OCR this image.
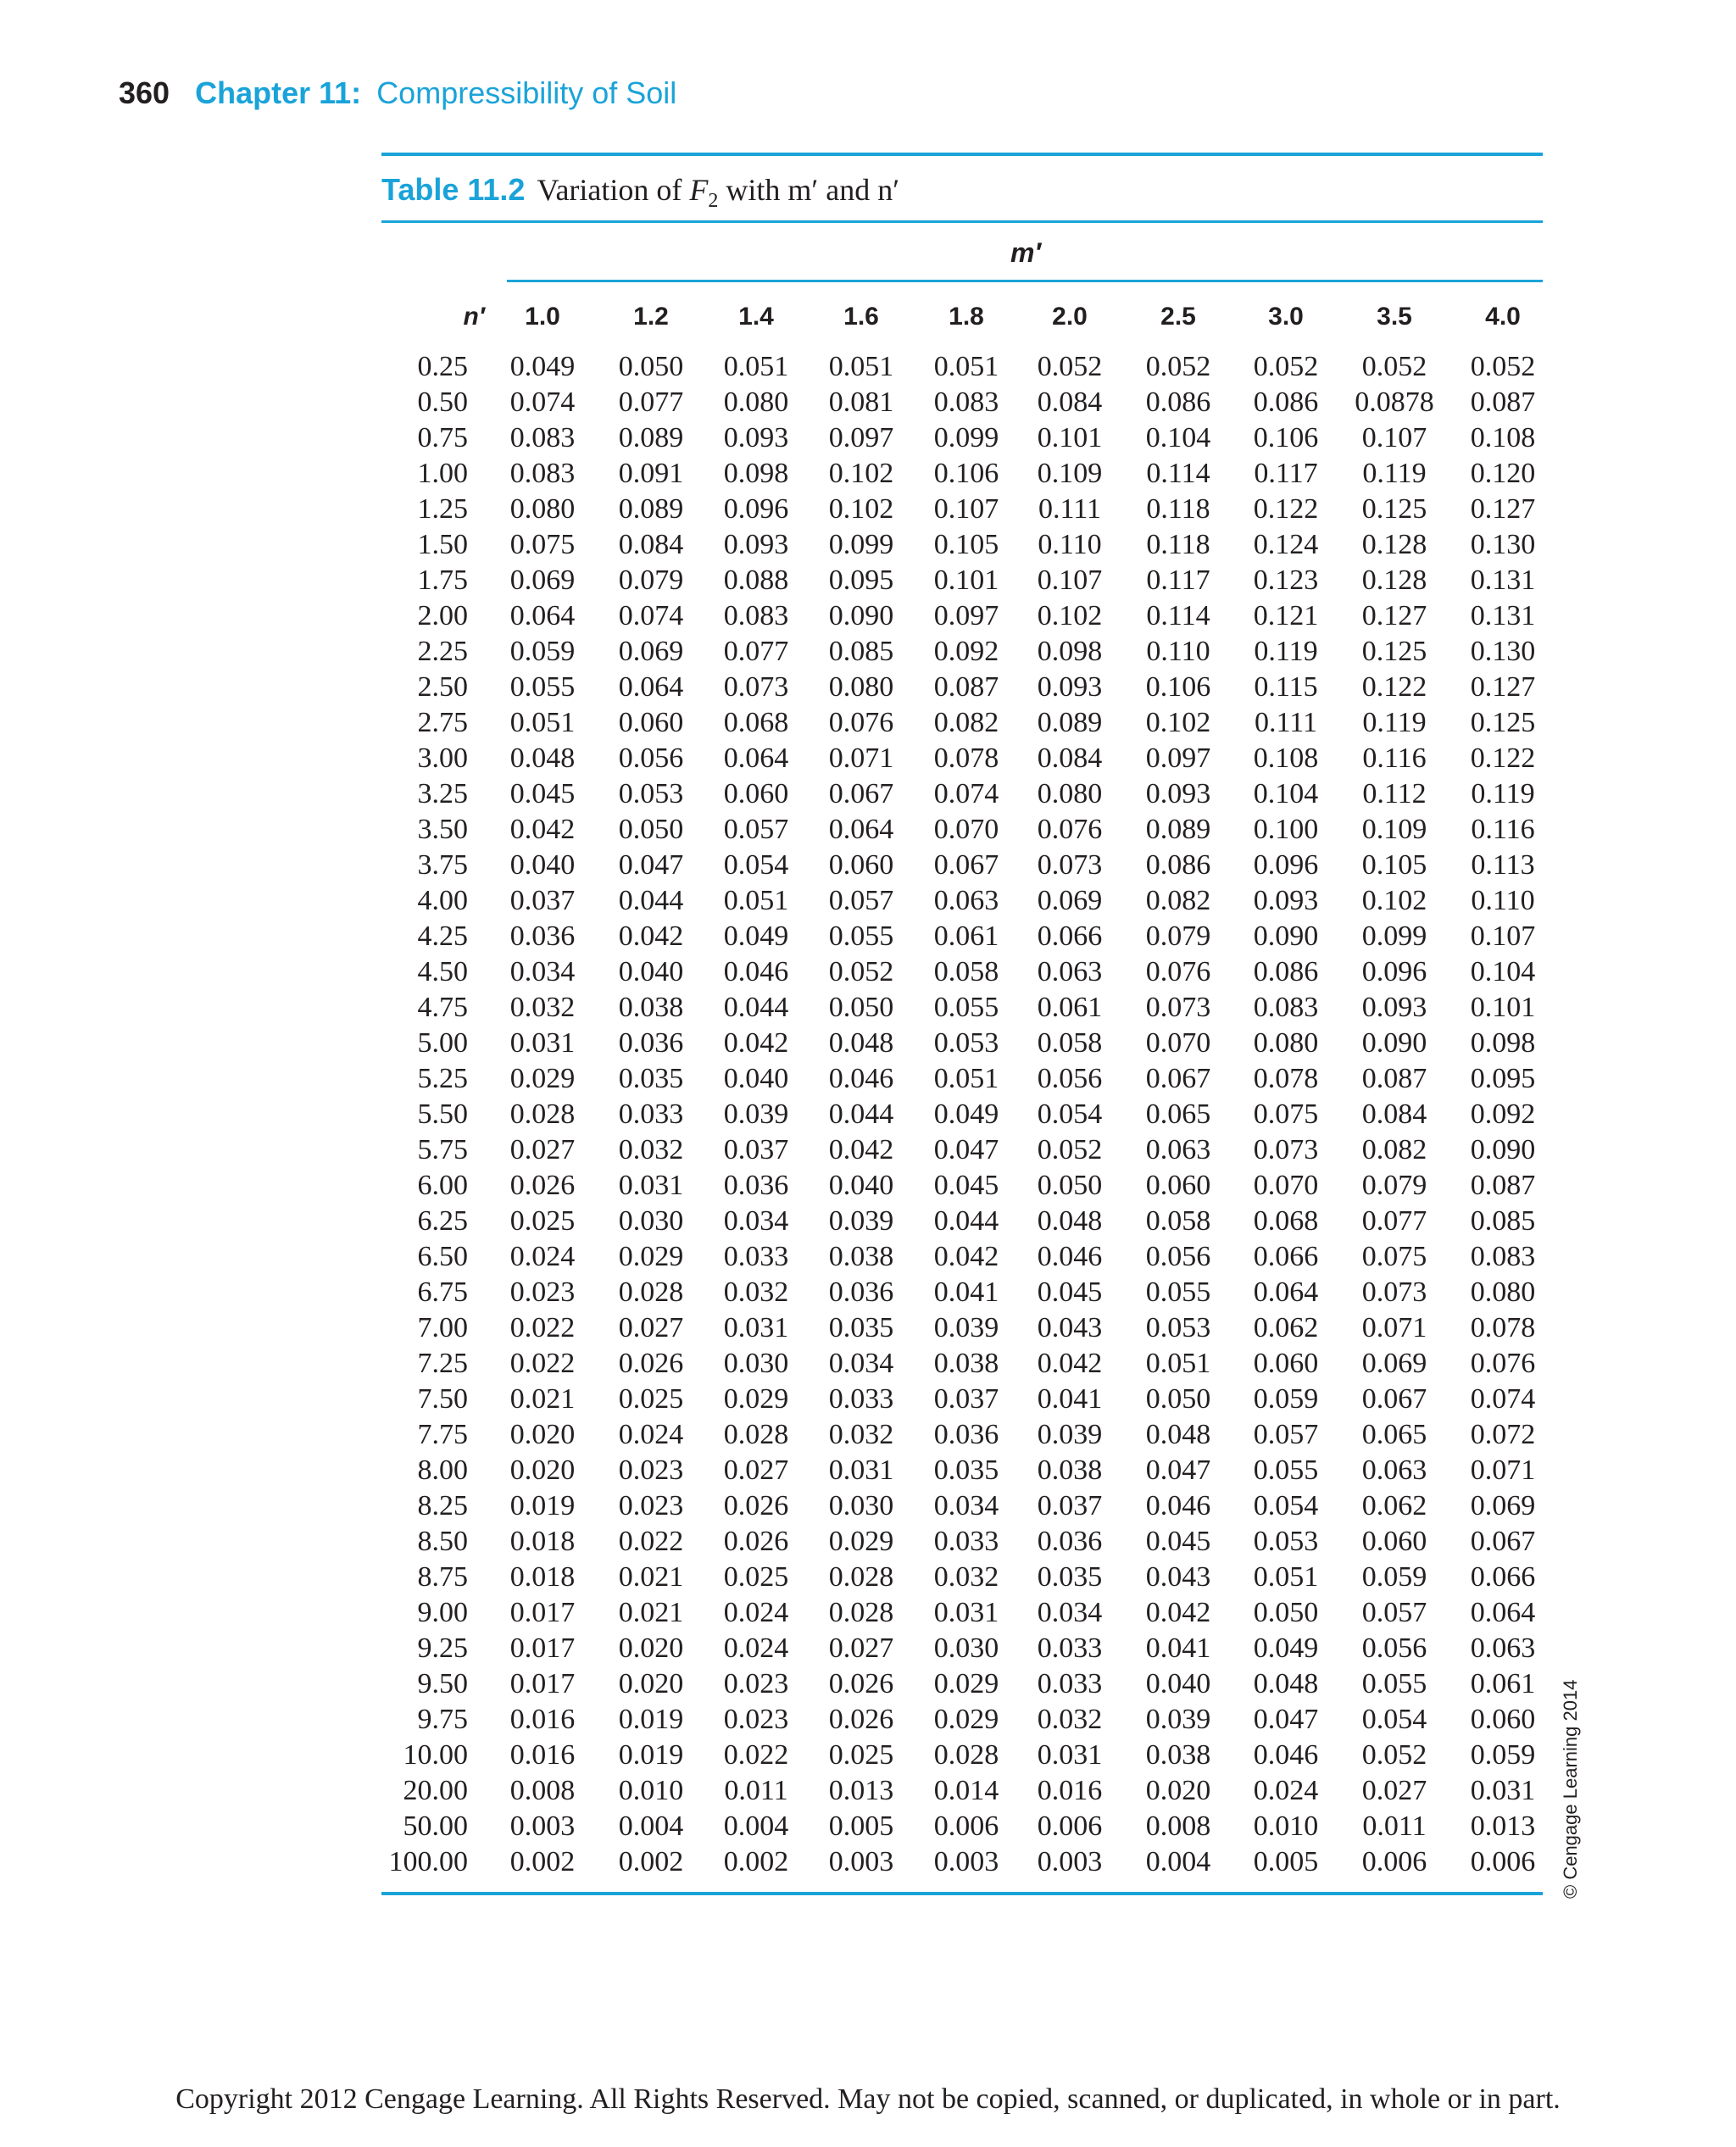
360 Chapter 11: Compressibility of Soil
Table 11.2 Variation of $F_2$ with m′ and n′
m′
n′	1.0	1.2	1.4	1.6	1.8	2.0	2.5	3.0	3.5	4.0
0.25	0.049	0.050	0.051	0.051	0.051	0.052	0.052	0.052	0.052	0.052
0.50	0.074	0.077	0.080	0.081	0.083	0.084	0.086	0.086	0.0878	0.087
0.75	0.083	0.089	0.093	0.097	0.099	0.101	0.104	0.106	0.107	0.108
1.00	0.083	0.091	0.098	0.102	0.106	0.109	0.114	0.117	0.119	0.120
1.25	0.080	0.089	0.096	0.102	0.107	0.111	0.118	0.122	0.125	0.127
1.50	0.075	0.084	0.093	0.099	0.105	0.110	0.118	0.124	0.128	0.130
1.75	0.069	0.079	0.088	0.095	0.101	0.107	0.117	0.123	0.128	0.131
2.00	0.064	0.074	0.083	0.090	0.097	0.102	0.114	0.121	0.127	0.131
2.25	0.059	0.069	0.077	0.085	0.092	0.098	0.110	0.119	0.125	0.130
2.50	0.055	0.064	0.073	0.080	0.087	0.093	0.106	0.115	0.122	0.127
2.75	0.051	0.060	0.068	0.076	0.082	0.089	0.102	0.111	0.119	0.125
3.00	0.048	0.056	0.064	0.071	0.078	0.084	0.097	0.108	0.116	0.122
3.25	0.045	0.053	0.060	0.067	0.074	0.080	0.093	0.104	0.112	0.119
3.50	0.042	0.050	0.057	0.064	0.070	0.076	0.089	0.100	0.109	0.116
3.75	0.040	0.047	0.054	0.060	0.067	0.073	0.086	0.096	0.105	0.113
4.00	0.037	0.044	0.051	0.057	0.063	0.069	0.082	0.093	0.102	0.110
4.25	0.036	0.042	0.049	0.055	0.061	0.066	0.079	0.090	0.099	0.107
4.50	0.034	0.040	0.046	0.052	0.058	0.063	0.076	0.086	0.096	0.104
4.75	0.032	0.038	0.044	0.050	0.055	0.061	0.073	0.083	0.093	0.101
5.00	0.031	0.036	0.042	0.048	0.053	0.058	0.070	0.080	0.090	0.098
5.25	0.029	0.035	0.040	0.046	0.051	0.056	0.067	0.078	0.087	0.095
5.50	0.028	0.033	0.039	0.044	0.049	0.054	0.065	0.075	0.084	0.092
5.75	0.027	0.032	0.037	0.042	0.047	0.052	0.063	0.073	0.082	0.090
6.00	0.026	0.031	0.036	0.040	0.045	0.050	0.060	0.070	0.079	0.087
6.25	0.025	0.030	0.034	0.039	0.044	0.048	0.058	0.068	0.077	0.085
6.50	0.024	0.029	0.033	0.038	0.042	0.046	0.056	0.066	0.075	0.083
6.75	0.023	0.028	0.032	0.036	0.041	0.045	0.055	0.064	0.073	0.080
7.00	0.022	0.027	0.031	0.035	0.039	0.043	0.053	0.062	0.071	0.078
7.25	0.022	0.026	0.030	0.034	0.038	0.042	0.051	0.060	0.069	0.076
7.50	0.021	0.025	0.029	0.033	0.037	0.041	0.050	0.059	0.067	0.074
7.75	0.020	0.024	0.028	0.032	0.036	0.039	0.048	0.057	0.065	0.072
8.00	0.020	0.023	0.027	0.031	0.035	0.038	0.047	0.055	0.063	0.071
8.25	0.019	0.023	0.026	0.030	0.034	0.037	0.046	0.054	0.062	0.069
8.50	0.018	0.022	0.026	0.029	0.033	0.036	0.045	0.053	0.060	0.067
8.75	0.018	0.021	0.025	0.028	0.032	0.035	0.043	0.051	0.059	0.066
9.00	0.017	0.021	0.024	0.028	0.031	0.034	0.042	0.050	0.057	0.064
9.25	0.017	0.020	0.024	0.027	0.030	0.033	0.041	0.049	0.056	0.063
9.50	0.017	0.020	0.023	0.026	0.029	0.033	0.040	0.048	0.055	0.061
9.75	0.016	0.019	0.023	0.026	0.029	0.032	0.039	0.047	0.054	0.060
10.00	0.016	0.019	0.022	0.025	0.028	0.031	0.038	0.046	0.052	0.059
20.00	0.008	0.010	0.011	0.013	0.014	0.016	0.020	0.024	0.027	0.031
50.00	0.003	0.004	0.004	0.005	0.006	0.006	0.008	0.010	0.011	0.013
100.00	0.002	0.002	0.002	0.003	0.003	0.003	0.004	0.005	0.006	0.006	© Cengage Learning 2014
Copyright 2012 Cengage Learning. All Rights Reserved. May not be copied, scanned, or duplicated, in whole or in part.
